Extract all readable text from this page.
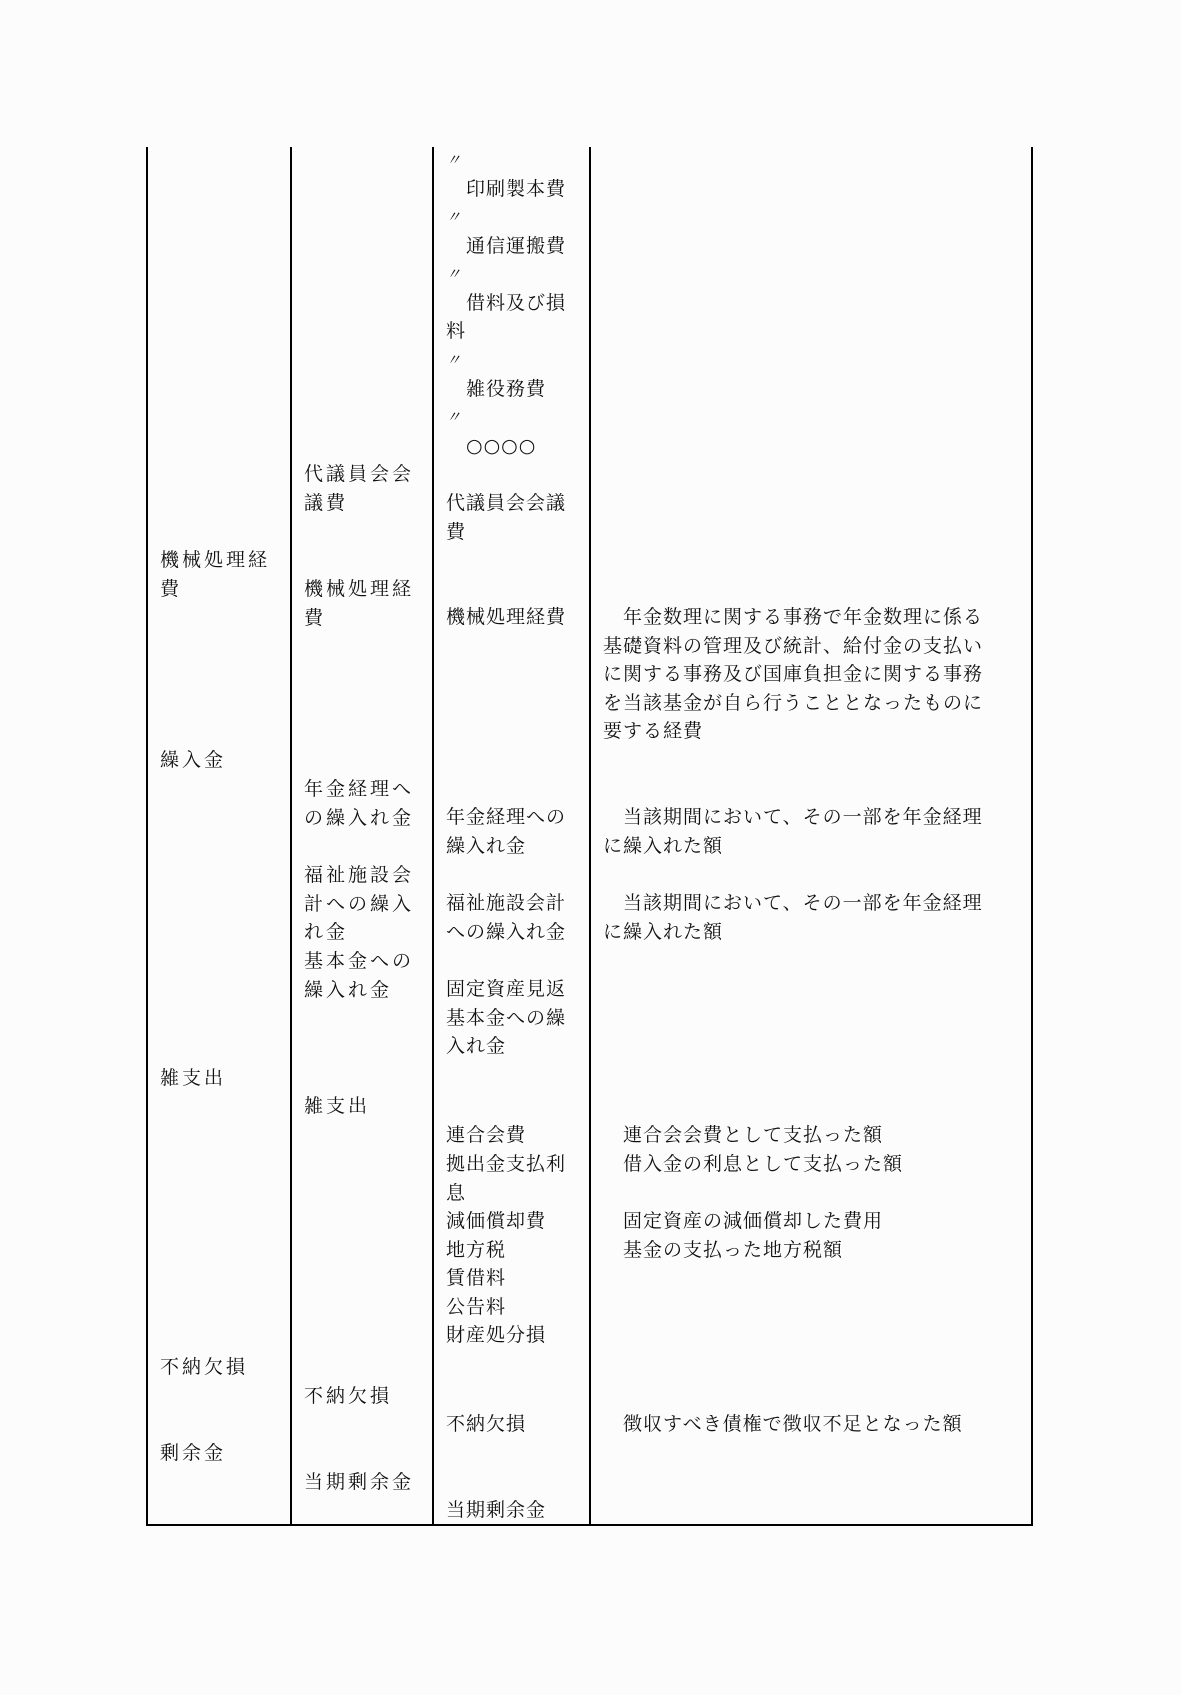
機械処理経
費
繰入金
雑支出
不納欠損
剰余金
代議員会会
議費
機械処理経
費
年金経理へ
の繰入れ金
福祉施設会
計への繰入
れ金
基本金への
繰入れ金
雑支出
不納欠損
当期剰余金
〃
　印刷製本費
〃
　通信運搬費
〃
　借料及び損
料
〃
　雑役務費
〃
　○○○○
代議員会会議
費
機械処理経費
年金経理への
繰入れ金
福祉施設会計
への繰入れ金
固定資産見返
基本金への繰
入れ金
連合会費
拠出金支払利
息
減価償却費
地方税
賃借料
公告料
財産処分損
不納欠損
当期剰余金
　年金数理に関する事務で年金数理に係る
基礎資料の管理及び統計、給付金の支払い
に関する事務及び国庫負担金に関する事務
を当該基金が自ら行うこととなったものに
要する経費
　当該期間において、その一部を年金経理
に繰入れた額
　当該期間において、その一部を年金経理
に繰入れた額
　連合会会費として支払った額
　借入金の利息として支払った額
　固定資産の減価償却した費用
　基金の支払った地方税額
　徴収すべき債権で徴収不足となった額
